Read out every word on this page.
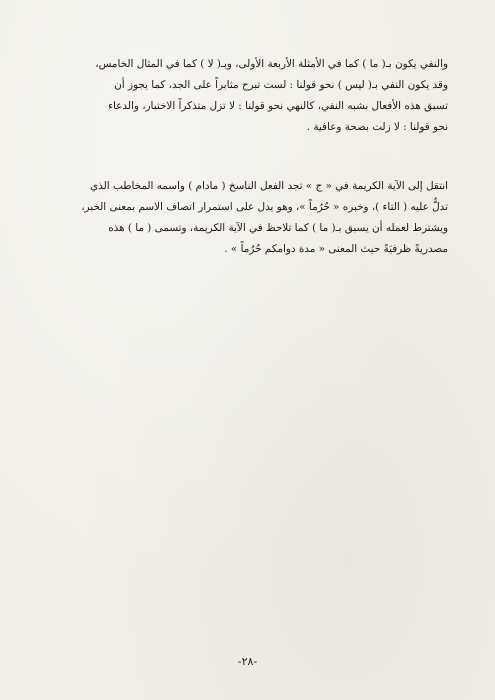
والنفي يكون بـ( ما ) كما في الأمثلة الأربعة الأولى، وبـ( لا ) كما في المثال الخامس،
وقد يكون النفي بـ( ليس ) نحو قولنا : لست تبرح مثابراً على الجد، كما يجوز أن
تسبق هذه الأفعال بشبه النفي، كالنهي نحو قولنا : لا تزل متذكراً الاختبار، والدعاء
نحو قولنا : لا زلت بصحة وعافية .
انتقل إلى الآية الكريمة في « ج » تجد الفعل الناسخ ( مادام ) واسمه المخاطب الذي
تدلُّ عليه ( التاء )، وخبره « حُرُماً »، وهو يدل على استمرار اتصاف الاسم بمعنى الخبر،
ويشترط لعمله أن يسبق بـ( ما ) كما تلاحظ في الآية الكريمة، وتسمى ( ما ) هذه
مصدريةً ظرفيَةً حيث المعنى « مدة دوامكم حُرُماً » .
-٢٨-
